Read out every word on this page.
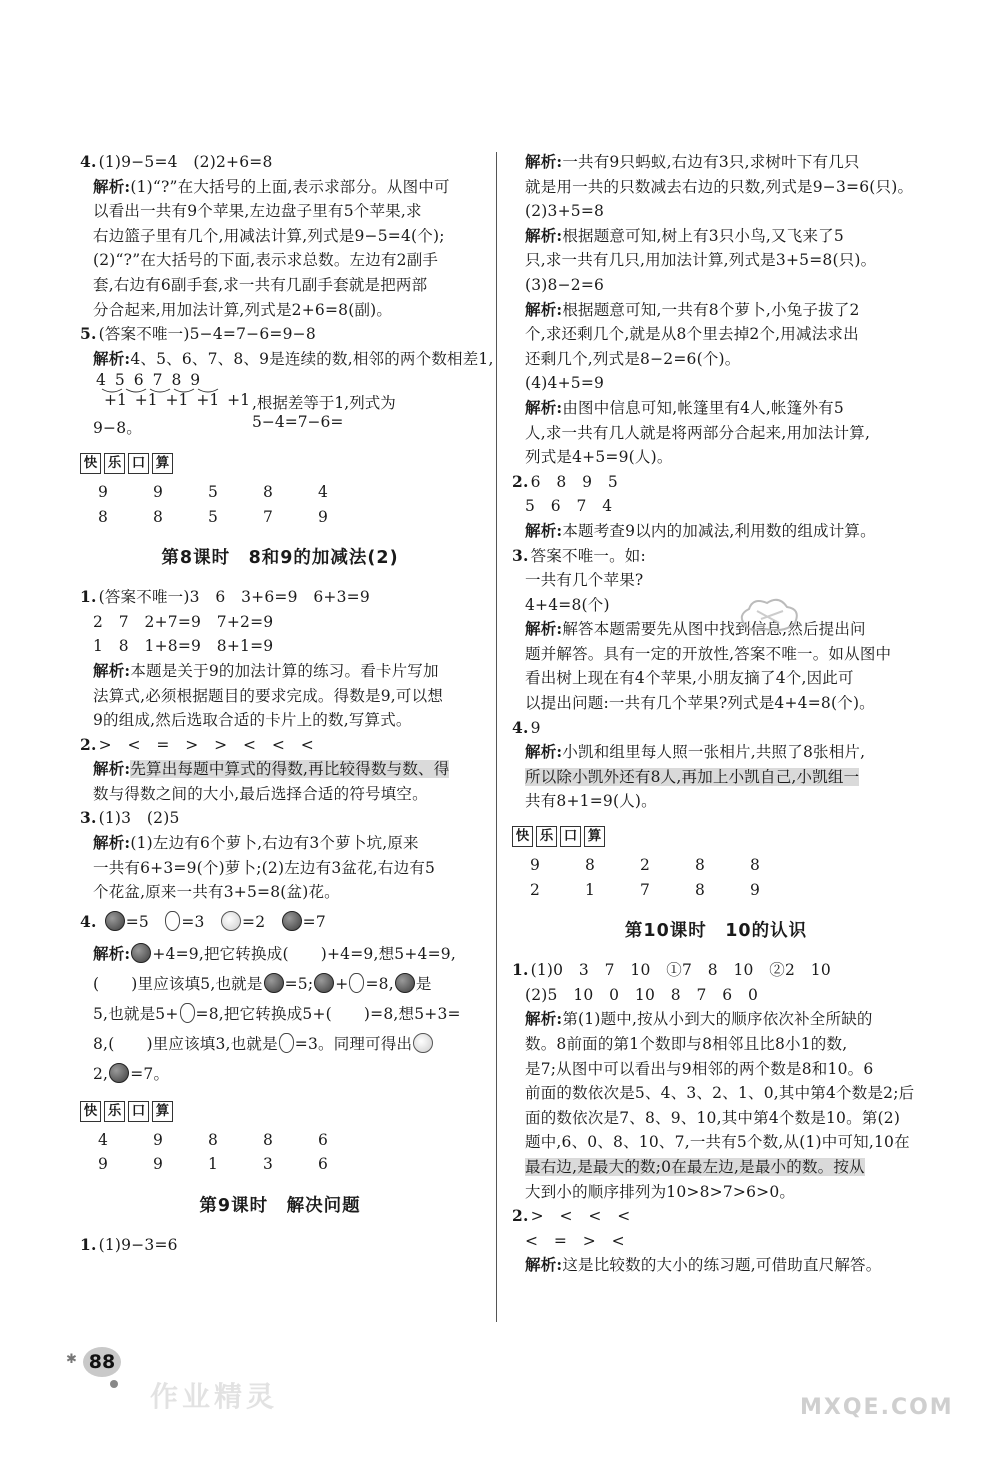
4. (1)9−5=4　(2)2+6=8
解析:(1)“?”在大括号的上面,表示求部分。从图中可
以看出一共有9个苹果,左边盘子里有5个苹果,求
右边篮子里有几个,用减法计算,列式是9−5=4(个);
(2)“?”在大括号的下面,表示求总数。左边有2副手
套,右边有6副手套,求一共有几副手套就是把两部
分合起来,用加法计算,列式是2+6=8(副)。
5. (答案不唯一)5−4=7−6=9−8
解析:4、5、6、7、8、9是连续的数,相邻的两个数相差1,
456789
+1 +1 +1 +1 +1 ,根据差等于1,列式为5−4=7−6=
9−8。
快 乐 口 算
9	9	5	8	4
8	8	5	7	9
第8课时　8和9的加减法(2)
1. (答案不唯一)3　6　3+6=9　6+3=9
2　7　2+7=9　7+2=9
1　8　1+8=9　8+1=9
解析:本题是关于9的加法计算的练习。看卡片写加
法算式,必须根据题目的要求完成。得数是9,可以想
9的组成,然后选取合适的卡片上的数,写算式。
2. >　<　=　>　>　<　<　<
解析:先算出每题中算式的得数,再比较得数与数、得
数与得数之间的大小,最后选择合适的符号填空。
3. (1)3　(2)5
解析:(1)左边有6个萝卜,右边有3个萝卜坑,原来
一共有6+3=9(个)萝卜;(2)左边有3盆花,右边有5
个花盆,原来一共有3+5=8(盆)花。
4. =5 =3 =2 =7
解析: +4=9,把它转换成( )+4=9,想5+4=9,
( )里应该填5,也就是 =5; + =8, 是
5,也就是5+ =8,把它转换成5+( )=8,想5+3=
8,( )里应该填3,也就是 =3。同理可得出
2, =7。
快 乐 口 算
4	9	8	8	6
9	9	1	3	6
第9课时　解决问题
1. (1)9−3=6
解析:一共有9只蚂蚁,右边有3只,求树叶下有几只
就是用一共的只数减去右边的只数,列式是9−3=6(只)。
(2)3+5=8
解析:根据题意可知,树上有3只小鸟,又飞来了5
只,求一共有几只,用加法计算,列式是3+5=8(只)。
(3)8−2=6
解析:根据题意可知,一共有8个萝卜,小兔子拔了2
个,求还剩几个,就是从8个里去掉2个,用减法求出
还剩几个,列式是8−2=6(个)。
(4)4+5=9
解析:由图中信息可知,帐篷里有4人,帐篷外有5
人,求一共有几人就是将两部分合起来,用加法计算,
列式是4+5=9(人)。
2. 6　8　9　5
5　6　7　4
解析:本题考查9以内的加减法,利用数的组成计算。
3. 答案不唯一。如:
一共有几个苹果?
4+4=8(个)
解析:解答本题需要先从图中找到信息,然后提出问
题并解答。具有一定的开放性,答案不唯一。如从图中
看出树上现在有4个苹果,小朋友摘了4个,因此可
以提出问题:一共有几个苹果?列式是4+4=8(个)。
4. 9
解析:小凯和组里每人照一张相片,共照了8张相片,
所以除小凯外还有8人,再加上小凯自己,小凯组一
共有8+1=9(人)。
快 乐 口 算
9	8	2	8	8
2	1	7	8	9
第10课时　10的认识
1. (1)0　3　7　10　①7　8　10　②2　10
(2)5　10　0　10　8　7　6　0
解析:第(1)题中,按从小到大的顺序依次补全所缺的
数。8前面的第1个数即与8相邻且比8小1的数,
是7;从图中可以看出与9相邻的两个数是8和10。6
前面的数依次是5、4、3、2、1、0,其中第4个数是2;后
面的数依次是7、8、9、10,其中第4个数是10。第(2)
题中,6、0、8、10、7,一共有5个数,从(1)中可知,10在
最右边,是最大的数;0在最左边,是最小的数。按从
大到小的顺序排列为10>8>7>6>0。
2. >　<　<　<
<　=　>　<
解析:这是比较数的大小的练习题,可借助直尺解答。
✱ 88
作业精灵	MXQE.COM
